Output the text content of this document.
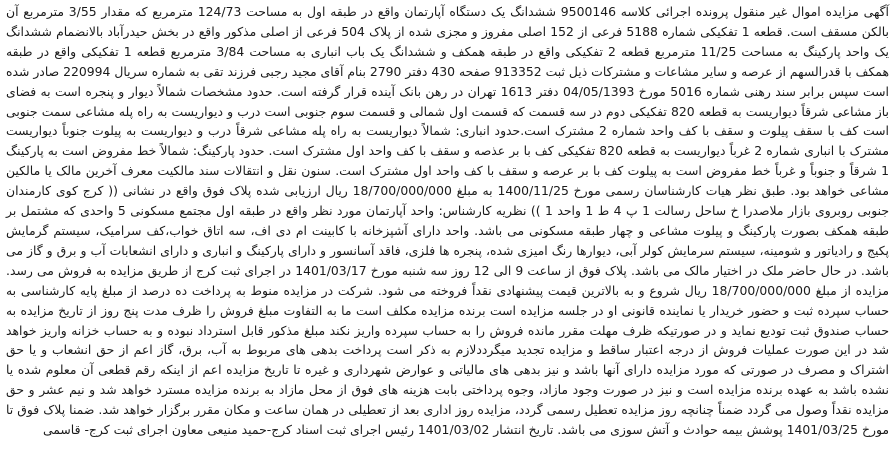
آگهی مزایده اموال غیر منقول پرونده اجرائی کلاسه 9500146 ششدانگ یک دستگاه آپارتمان واقع در طبقه اول به مساحت 124/73 مترمربع که مقدار 3/55 مترمربع آن بالکن مسقف است. قطعه 1 تفکیکی شماره 5188 فرعی از 152 اصلی مفروز و مجزی شده از پلاک 504 فرعی از اصلی مذکور واقع در بخش حیدرآباد بالانضمام ششدانگ یک واحد پارکینگ به مساحت 11/25 مترمربع قطعه 2 تفکیکی واقع در طبقه همکف و ششدانگ یک باب انباری به مساحت 3/84 مترمربع قطعه 1 تفکیکی واقع در طبقه همکف با قدرالسهم از عرصه و سایر مشاعات و مشترکات ذیل ثبت 913352 صفحه 430 دفتر 2790 بنام آقای مجید رجبی فرزند تقی به شماره سریال 220994 صادر شده است سپس برابر سند رهنی شماره 5016 مورخ 04/05/1393 دفتر 1613 تهران در رهن بانک آینده قرار گرفته است. حدود مشخصات شمالاً دیوار و پنجره است به فضای باز مشاعی شرقاً دیواریست به قطعه 820 تفکیکی دوم در سه قسمت که قسمت اول شمالی و قسمت سوم جنوبی است درب و دیواریست به راه پله مشاعی سمت جنوبی است کف با سقف پیلوت و سقف با کف واحد شماره 2 مشترک است.حدود انباری: شمالاً دیواریست به راه پله مشاعی شرقاً درب و دیواریست به پیلوت جنوباً دیواریست مشترک با انباری شماره 2 غرباً دیواریست به قطعه 820 تفکیکی کف با بر عذصه و سقف با کف واحد اول مشترک است. حدود پارکینگ: شمالاً خط مفروض است به پارکینگ 1 شرقاً و جنوباً و غرباً خط مفروض است به پیلوت کف با بر عرصه و سقف با کف واحد اول مشترک است. سنون نقل و انتقالات سند مالکیت معرف آخرین مالک یا مالکین مشاعی خواهد بود. طبق نظر هیات کارشناسان رسمی مورخ 1400/11/25 به مبلغ 18/700/000/000 ریال ارزیابی شده پلاک فوق واقع در نشانی (( کرج کوی کارمندان جنوبی روبروی بازار ملاصدرا خ ساحل رسالت 1 پ 4 ط 1 واحد 1 )) نظریه کارشناس: واحد آپارتمان مورد نظر واقع در طبقه اول مجتمع مسکونی 5 واحدی که مشتمل بر طبقه همکف بصورت پارکینگ و پیلوت مشاعی و چهار طبقه مسکونی می باشد. واحد دارای آشپزخانه با کابینت ام دی اف، سه اتاق خواب،کف سرامیک، سیستم گرمایش پکیج و رادیاتور و شومینه، سیستم سرمایش کولر آبی، دیوارها رنگ امیزی شده، پنجره ها فلزی، فاقد آسانسور و دارای پارکینگ و انباری و دارای انشعابات آب و برق و گاز می باشد. در حال حاضر ملک در اختیار مالک می باشد. پلاک فوق از ساعت 9 الی 12 روز سه شنبه مورخ 1401/03/17 در اجرای ثبت کرج از طریق مزایده به فروش می رسد. مزایده از مبلغ 18/700/000/000 ریال شروع و به بالاترین قیمت پیشنهادی نقداً فروخته می شود. شرکت در مزایده منوط به پرداخت ده درصد از مبلغ پایه کارشناسی به حساب سپرده ثبت و حضور خریدار یا نماینده قانونی او در جلسه مزایده است برنده مزایده مکلف است ما به التفاوت مبلغ فروش را ظرف مدت پنج روز از تاریخ مزایده به حساب صندوق ثبت تودیع نماید و در صورتیکه ظرف مهلت مقرر مانده فروش را به حساب سپرده واریز نکند مبلغ مذکور قابل استرداد نبوده و به حساب خزانه واریز خواهد شد در این صورت عملیات فروش از درجه اعتبار ساقط و مزایده تجدید میگرددلازم به ذکر است پرداخت بدهی های مربوط به آب، برق، گاز اعم از حق انشعاب و یا حق اشتراک و مصرف در صورتی که مورد مزایده دارای آنها باشد و نیز بدهی های مالیاتی و عوارض شهرداری و غیره تا تاریخ مزایده اعم از اینکه رقم قطعی آن معلوم شده یا نشده باشد به عهده برنده مزایده است و نیز در صورت وجود مازاد، وجوه پرداختی بابت هزینه های فوق از محل مازاد به برنده مزایده مسترد خواهد شد و نیم عشر و حق مزایده نقداً وصول می گردد ضمناً چنانچه روز مزایده تعطیل رسمی گردد، مزایده روز اداری بعد از تعطیلی در همان ساعت و مکان مقرر برگزار خواهد شد. ضمنا پلاک فوق تا مورخ 1401/03/25 پوشش بیمه حوادث و آتش سوزی می باشد. تاریخ انتشار 1401/03/02 رئیس اجرای ثبت اسناد کرج-حمید منیعی معاون اجرای ثبت کرج- قاسمی
